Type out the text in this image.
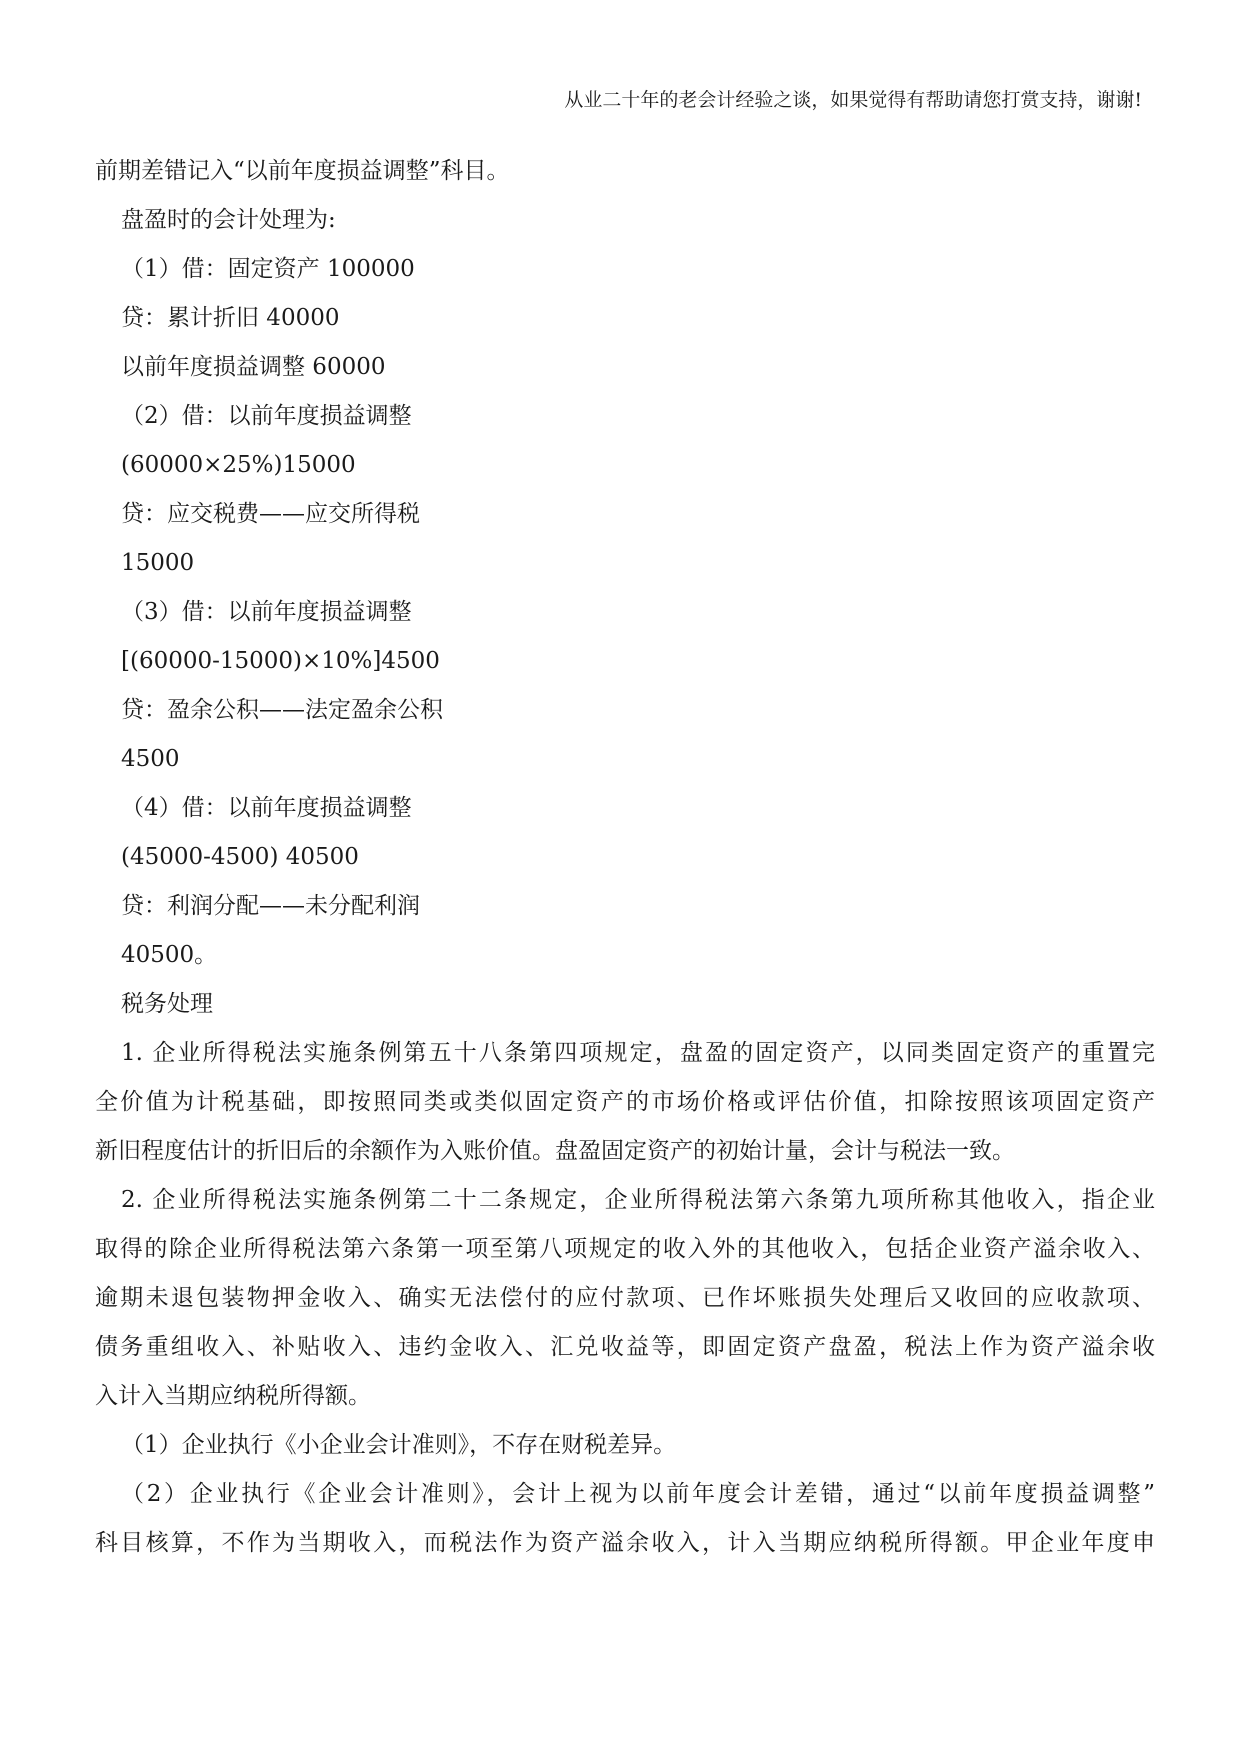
从业二十年的老会计经验之谈，如果觉得有帮助请您打赏支持，谢谢!
前期差错记入“以前年度损益调整”科目。
盘盈时的会计处理为:
（1）借：固定资产 100000
贷：累计折旧 40000
以前年度损益调整 60000
（2）借：以前年度损益调整
(60000×25%)15000
贷：应交税费——应交所得税
15000
（3）借：以前年度损益调整
[(60000-15000)×10%]4500
贷：盈余公积——法定盈余公积
4500
（4）借：以前年度损益调整
(45000-4500) 40500
贷：利润分配——未分配利润
40500。
税务处理
1. 企业所得税法实施条例第五十八条第四项规定，盘盈的固定资产，以同类固定资产的重置完
全价值为计税基础，即按照同类或类似固定资产的市场价格或评估价值，扣除按照该项固定资产
新旧程度估计的折旧后的余额作为入账价值。盘盈固定资产的初始计量，会计与税法一致。
2. 企业所得税法实施条例第二十二条规定，企业所得税法第六条第九项所称其他收入，指企业
取得的除企业所得税法第六条第一项至第八项规定的收入外的其他收入，包括企业资产溢余收入、
逾期未退包装物押金收入、确实无法偿付的应付款项、已作坏账损失处理后又收回的应收款项、
债务重组收入、补贴收入、违约金收入、汇兑收益等，即固定资产盘盈，税法上作为资产溢余收
入计入当期应纳税所得额。
（1）企业执行《小企业会计准则》，不存在财税差异。
（2）企业执行《企业会计准则》，会计上视为以前年度会计差错，通过“以前年度损益调整”
科目核算，不作为当期收入，而税法作为资产溢余收入，计入当期应纳税所得额。甲企业年度申
